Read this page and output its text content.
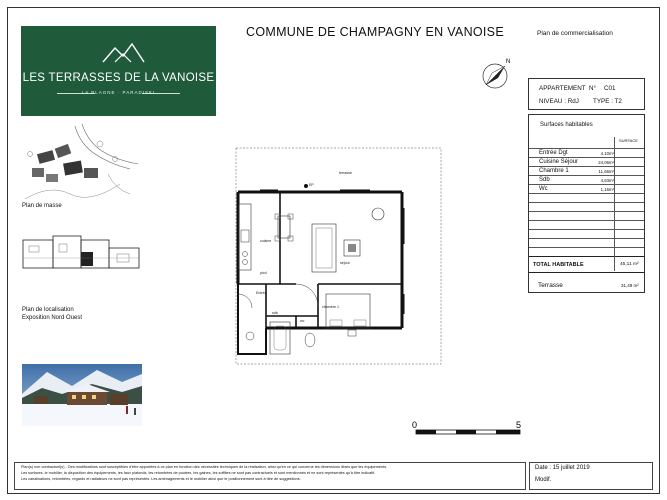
LES TERRASSES DE LA VANOISE
LA PLAGNE · PARADISKI
COMMUNE DE CHAMPAGNY EN VANOISE	Plan de commercialisation
N
Plan de masse
Plan de localisation
Exposition Nord Ouest
APPARTEMENT N° C01
NIVEAU : RdJ TYPE : T2
Entrée Dgt	4,10m²
Cuisine Séjour	24,06m²
Chambre 1	11,66m²
Sdb	4,63m²
Wc	1,16m²
Surfaces habitables
SURFACE
TOTAL HABITABLE	45,11 m²
Terrasse	31,49 m²
terrasse
cuisine
séjour
chambre 1
Entrée
plcd
sdb
wc
EP
0	5
Plan(s) non contractuel(s) - Des modifications sont susceptibles d'être apportées à ce plan en fonction des nécessités techniques de la réalisation, ainsi qu'en ce qui concerne les dimensions libres que les équipements.
Les surfaces, le mobilier, la disposition des équipements, les faux plafonds, les retombées de poutres, les gaines, les soffites ne sont pas contractuels et sont mentionnés et ne sont représentés qu'à titre indicatif.
Les canalisations, retombées, regards et radiateurs ne sont pas représentés. Les aménagements et le mobilier ainsi que le positionnement sont à titre de suggestions.
Date : 15 juillet 2019
Modif.
